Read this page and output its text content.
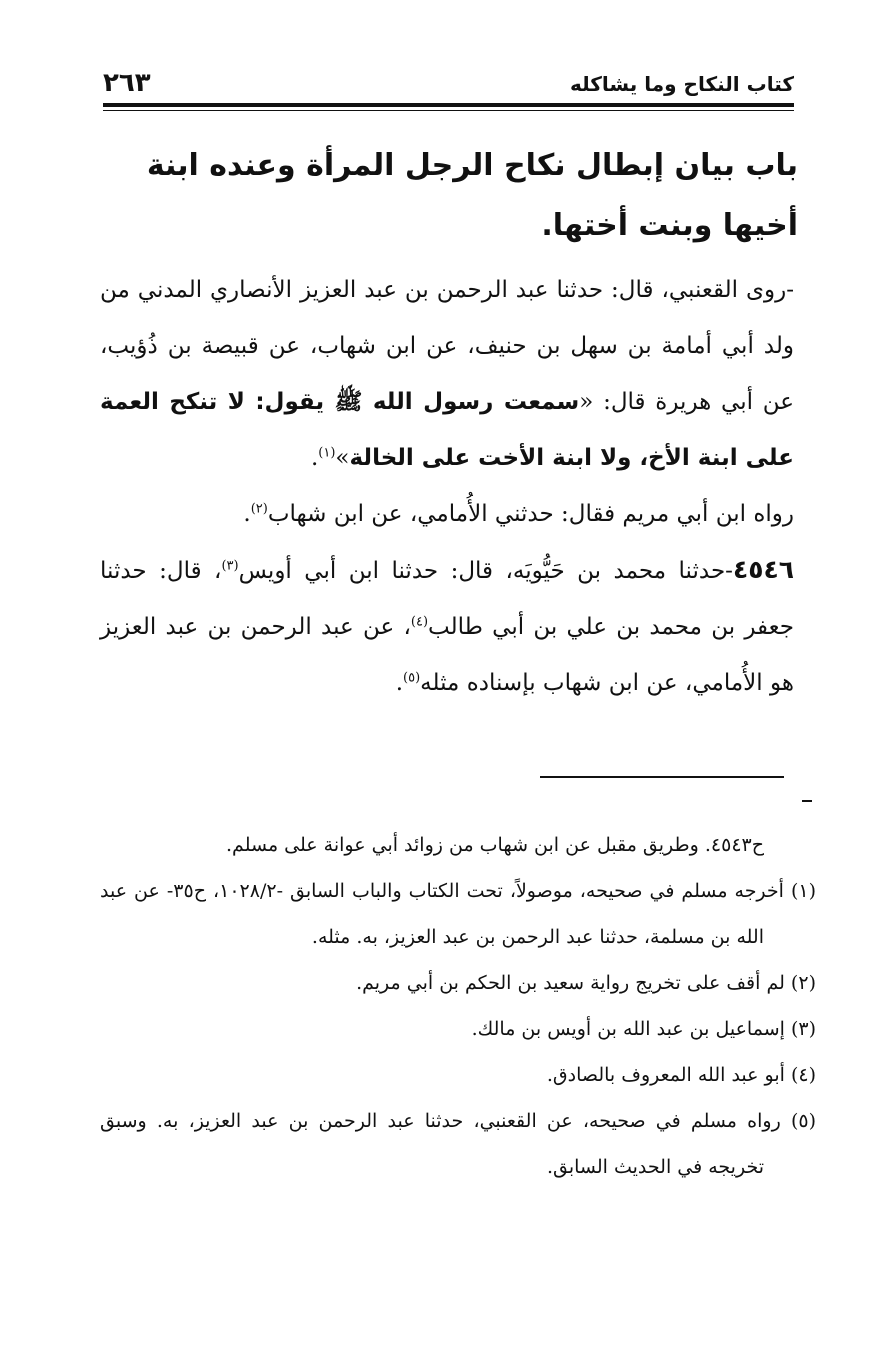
كتاب النكاح وما يشاكله
٢٦٣
باب بيان إبطال نكاح الرجل المرأة وعنده ابنة أخيها وبنت أختها.

-روى القعنبي، قال: حدثنا عبد الرحمن بن عبد العزيز الأنصاري المدني من ولد أبي أمامة بن سهل بن حنيف، عن ابن شهاب، عن قبيصة بن ذُؤيب، عن أبي هريرة قال: «سمعت رسول الله ﷺ يقول: لا تنكح العمة على ابنة الأخ، ولا ابنة الأخت على الخالة»$^{(١)}$.

رواه ابن أبي مريم فقال: حدثني الأُمامي، عن ابن شهاب$^{(٢)}$.

٤٥٤٦-حدثنا محمد بن حَيُّويَه، قال: حدثنا ابن أبي أويس$^{(٣)}$، قال: حدثنا جعفر بن محمد بن علي بن أبي طالب$^{(٤)}$، عن عبد الرحمن بن عبد العزيز هو الأُمامي، عن ابن شهاب بإسناده مثله$^{(٥)}$.

ح٤٥٤٣. وطريق مقبل عن ابن شهاب من زوائد أبي عوانة على مسلم.

(١) أخرجه مسلم في صحيحه، موصولاً، تحت الكتاب والباب السابق -١٠٢٨/٢، ح٣٥- عن عبد الله بن مسلمة، حدثنا عبد الرحمن بن عبد العزيز، به. مثله.

(٢) لم أقف على تخريج رواية سعيد بن الحكم بن أبي مريم.

(٣) إسماعيل بن عبد الله بن أويس بن مالك.

(٤) أبو عبد الله المعروف بالصادق.

(٥) رواه مسلم في صحيحه، عن القعنبي، حدثنا عبد الرحمن بن عبد العزيز، به. وسبق تخريجه في الحديث السابق.
